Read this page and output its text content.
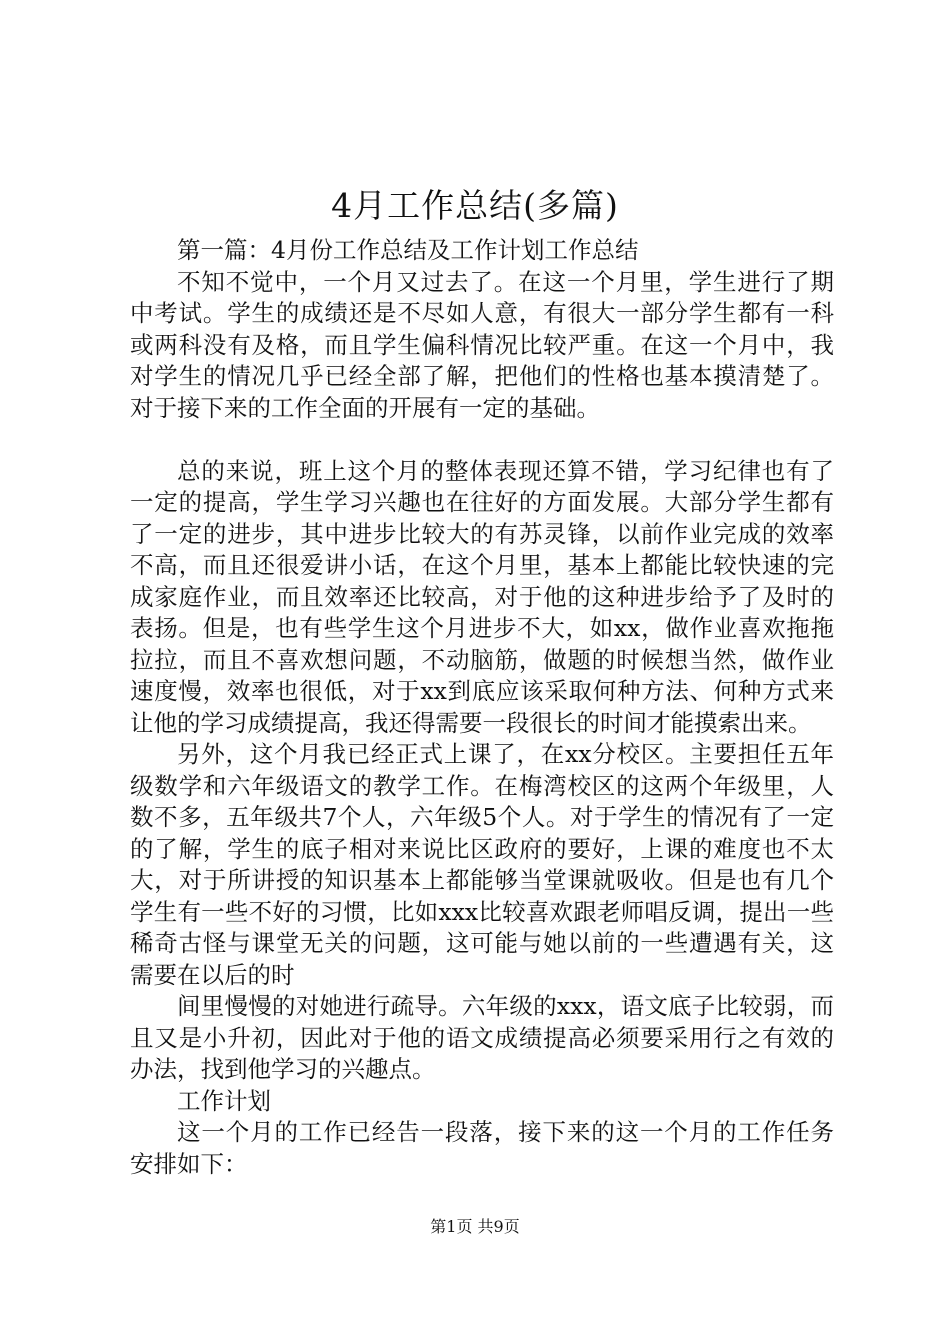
4月工作总结(多篇)

第一篇：4月份工作总结及工作计划工作总结

不知不觉中，一个月又过去了。在这一个月里，学生进行了期中考试。学生的成绩还是不尽如人意，有很大一部分学生都有一科或两科没有及格，而且学生偏科情况比较严重。在这一个月中，我对学生的情况几乎已经全部了解，把他们的性格也基本摸清楚了。对于接下来的工作全面的开展有一定的基础。

总的来说，班上这个月的整体表现还算不错，学习纪律也有了一定的提高，学生学习兴趣也在往好的方面发展。大部分学生都有了一定的进步，其中进步比较大的有苏灵锋，以前作业完成的效率不高，而且还很爱讲小话，在这个月里，基本上都能比较快速的完成家庭作业，而且效率还比较高，对于他的这种进步给予了及时的表扬。但是，也有些学生这个月进步不大，如xx，做作业喜欢拖拖拉拉，而且不喜欢想问题，不动脑筋，做题的时候想当然，做作业速度慢，效率也很低，对于xx到底应该采取何种方法、何种方式来让他的学习成绩提高，我还得需要一段很长的时间才能摸索出来。

另外，这个月我已经正式上课了，在xx分校区。主要担任五年级数学和六年级语文的教学工作。在梅湾校区的这两个年级里，人数不多，五年级共7个人，六年级5个人。对于学生的情况有了一定的了解，学生的底子相对来说比区政府的要好，上课的难度也不太大，对于所讲授的知识基本上都能够当堂课就吸收。但是也有几个学生有一些不好的习惯，比如xxx比较喜欢跟老师唱反调，提出一些稀奇古怪与课堂无关的问题，这可能与她以前的一些遭遇有关，这需要在以后的时

间里慢慢的对她进行疏导。六年级的xxx，语文底子比较弱，而且又是小升初，因此对于他的语文成绩提高必须要采用行之有效的办法，找到他学习的兴趣点。

工作计划

这一个月的工作已经告一段落，接下来的这一个月的工作任务安排如下：

第1页 共9页
